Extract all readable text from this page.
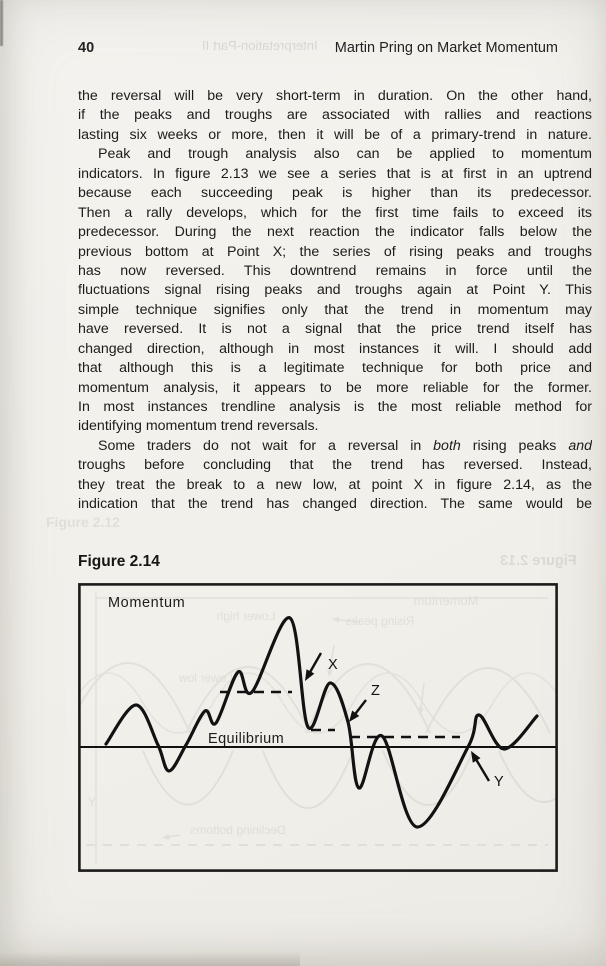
Interpretation-Part II
40	Martin Pring on Market Momentum
the reversal will be very short-term in duration. On the other hand,
if the peaks and troughs are associated with rallies and reactions
lasting six weeks or more, then it will be of a primary-trend in nature.
Peak and trough analysis also can be applied to momentum
indicators. In figure 2.13 we see a series that is at first in an uptrend
because each succeeding peak is higher than its predecessor.
Then a rally develops, which for the first time fails to exceed its
predecessor. During the next reaction the indicator falls below the
previous bottom at Point X; the series of rising peaks and troughs
has now reversed. This downtrend remains in force until the
fluctuations signal rising peaks and troughs again at Point Y. This
simple technique signifies only that the trend in momentum may
have reversed. It is not a signal that the price trend itself has
changed direction, although in most instances it will. I should add
that although this is a legitimate technique for both price and
momentum analysis, it appears to be more reliable for the former.
In most instances trendline analysis is the most reliable method for
identifying momentum trend reversals.
Some traders do not wait for a reversal in both rising peaks and
troughs before concluding that the trend has reversed. Instead,
they treat the break to a new low, at point X in figure 2.14, as the
indication that the trend has changed direction. The same would be
Figure 2.12
Figure 2.13
Figure 2.14
Momentum
Lower high	Rising peaks
Lower low
Declining bottoms
Y
X
Z
Y
Momentum
Equilibrium
